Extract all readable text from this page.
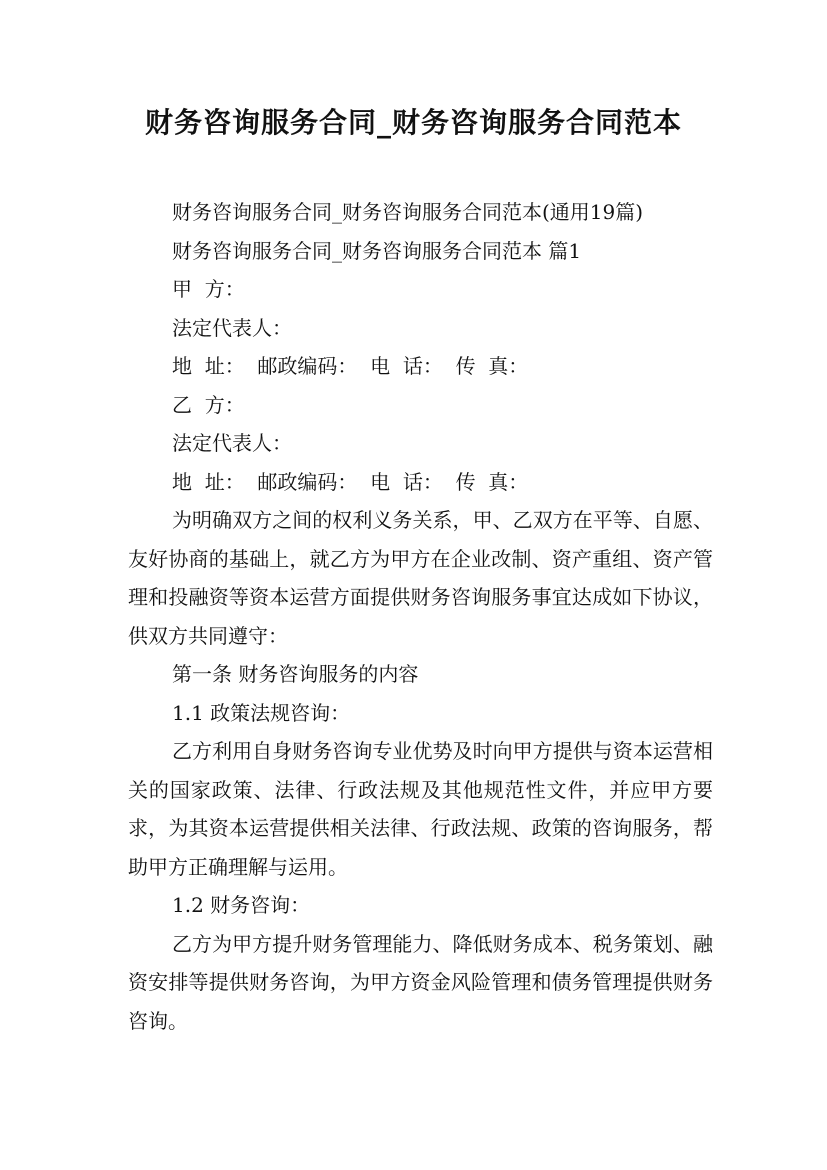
财务咨询服务合同_财务咨询服务合同范本
财务咨询服务合同_财务咨询服务合同范本(通用19篇)
财务咨询服务合同_财务咨询服务合同范本 篇1
甲  方：
法定代表人：
地  址：  邮政编码：  电  话：  传  真：
乙  方：
法定代表人：
地  址：  邮政编码：  电  话：  传  真：
为明确双方之间的权利义务关系，甲、乙双方在平等、自愿、友好协商的基础上，就乙方为甲方在企业改制、资产重组、资产管理和投融资等资本运营方面提供财务咨询服务事宜达成如下协议，供双方共同遵守：
第一条 财务咨询服务的内容
1.1 政策法规咨询：
乙方利用自身财务咨询专业优势及时向甲方提供与资本运营相关的国家政策、法律、行政法规及其他规范性文件，并应甲方要求，为其资本运营提供相关法律、行政法规、政策的咨询服务，帮助甲方正确理解与运用。
1.2 财务咨询：
乙方为甲方提升财务管理能力、降低财务成本、税务策划、融资安排等提供财务咨询，为甲方资金风险管理和债务管理提供财务咨询。
